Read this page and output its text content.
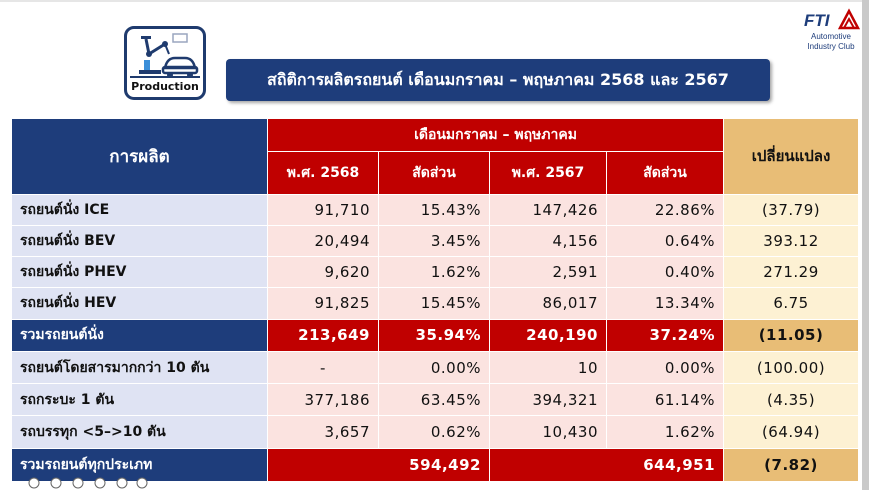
Production	สถิติการผลิตรถยนต์ เดือนมกราคม – พฤษภาคม 2568 และ 2567
FTI
Automotive
Industry Club
การผลิต	เดือนมกราคม – พฤษภาคม				เปลี่ยนแปลง
	พ.ศ. 2568	สัดส่วน	พ.ศ. 2567	สัดส่วน	
รถยนต์นั่ง ICE	91,710	15.43%	147,426	22.86%	(37.79)
รถยนต์นั่ง BEV	20,494	3.45%	4,156	0.64%	393.12
รถยนต์นั่ง PHEV	9,620	1.62%	2,591	0.40%	271.29
รถยนต์นั่ง HEV	91,825	15.45%	86,017	13.34%	6.75
รวมรถยนต์นั่ง	213,649	35.94%	240,190	37.24%	(11.05)
รถยนต์โดยสารมากกว่า 10 ตัน	-	0.00%	10	0.00%	(100.00)
รถกระบะ 1 ตัน	377,186	63.45%	394,321	61.14%	(4.35)
รถบรรทุก <5–>10 ตัน	3,657	0.62%	10,430	1.62%	(64.94)
รวมรถยนต์ทุกประเภท	594,492		644,951		(7.82)
